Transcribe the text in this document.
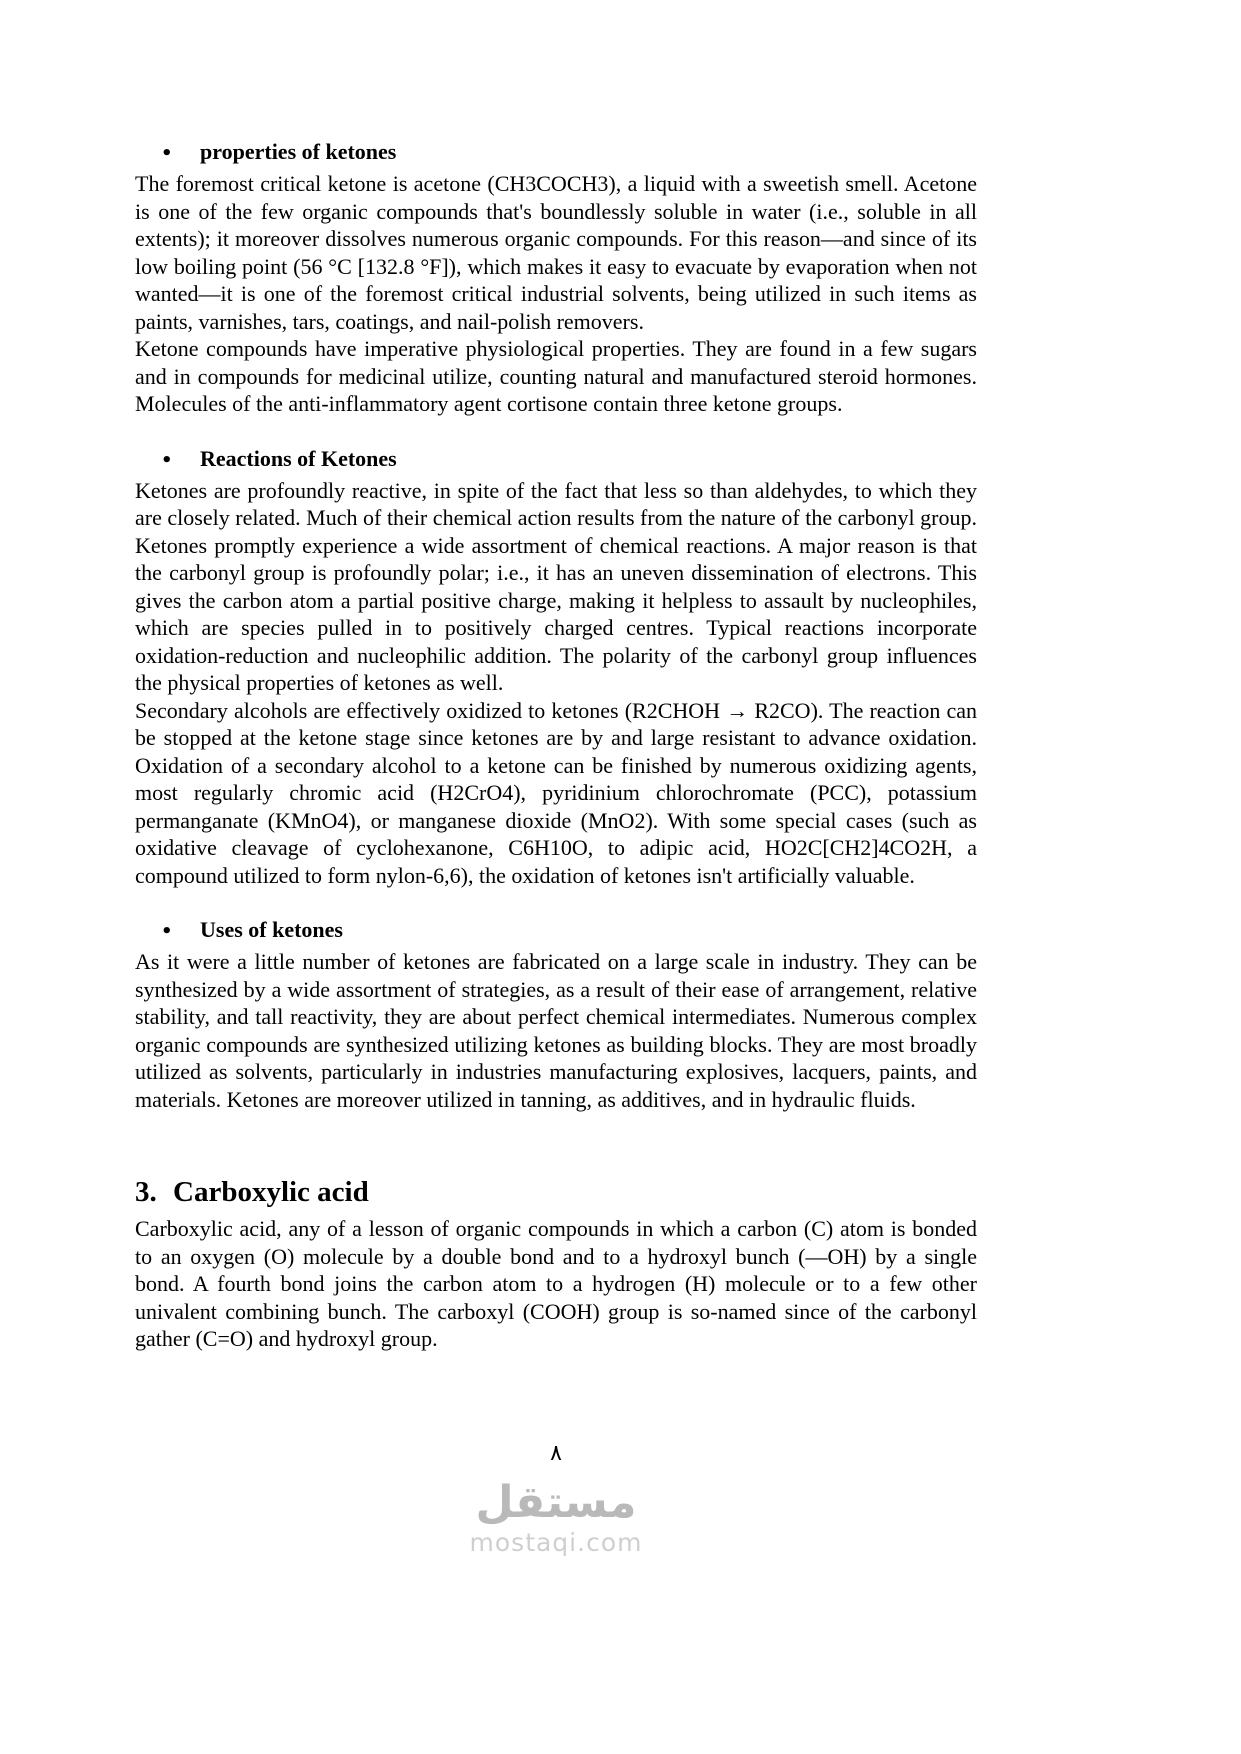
•	properties of ketones

The foremost critical ketone is acetone (CH3COCH3), a liquid with a sweetish smell. Acetone is one of the few organic compounds that's boundlessly soluble in water (i.e., soluble in all extents); it moreover dissolves numerous organic compounds. For this reason—and since of its low boiling point (56 °C [132.8 °F]), which makes it easy to evacuate by evaporation when not wanted—it is one of the foremost critical industrial solvents, being utilized in such items as paints, varnishes, tars, coatings, and nail-polish removers.

Ketone compounds have imperative physiological properties. They are found in a few sugars and in compounds for medicinal utilize, counting natural and manufactured steroid hormones. Molecules of the anti-inflammatory agent cortisone contain three ketone groups.

•	Reactions of Ketones

Ketones are profoundly reactive, in spite of the fact that less so than aldehydes, to which they are closely related. Much of their chemical action results from the nature of the carbonyl group. Ketones promptly experience a wide assortment of chemical reactions. A major reason is that the carbonyl group is profoundly polar; i.e., it has an uneven dissemination of electrons. This gives the carbon atom a partial positive charge, making it helpless to assault by nucleophiles, which are species pulled in to positively charged centres. Typical reactions incorporate oxidation-reduction and nucleophilic addition. The polarity of the carbonyl group influences the physical properties of ketones as well.

Secondary alcohols are effectively oxidized to ketones (R2CHOH → R2CO). The reaction can be stopped at the ketone stage since ketones are by and large resistant to advance oxidation. Oxidation of a secondary alcohol to a ketone can be finished by numerous oxidizing agents, most regularly chromic acid (H2CrO4), pyridinium chlorochromate (PCC), potassium permanganate (KMnO4), or manganese dioxide (MnO2). With some special cases (such as oxidative cleavage of cyclohexanone, C6H10O, to adipic acid, HO2C[CH2]4CO2H, a compound utilized to form nylon-6,6), the oxidation of ketones isn't artificially valuable.

•	Uses of ketones

As it were a little number of ketones are fabricated on a large scale in industry. They can be synthesized by a wide assortment of strategies, as a result of their ease of arrangement, relative stability, and tall reactivity, they are about perfect chemical intermediates. Numerous complex organic compounds are synthesized utilizing ketones as building blocks. They are most broadly utilized as solvents, particularly in industries manufacturing explosives, lacquers, paints, and materials. Ketones are moreover utilized in tanning, as additives, and in hydraulic fluids.

3. Carboxylic acid

Carboxylic acid, any of a lesson of organic compounds in which a carbon (C) atom is bonded to an oxygen (O) molecule by a double bond and to a hydroxyl bunch (—OH) by a single bond. A fourth bond joins the carbon atom to a hydrogen (H) molecule or to a few other univalent combining bunch. The carboxyl (COOH) group is so-named since of the carbonyl gather (C=O) and hydroxyl group.

٨
مستقل
mostaqi.com
